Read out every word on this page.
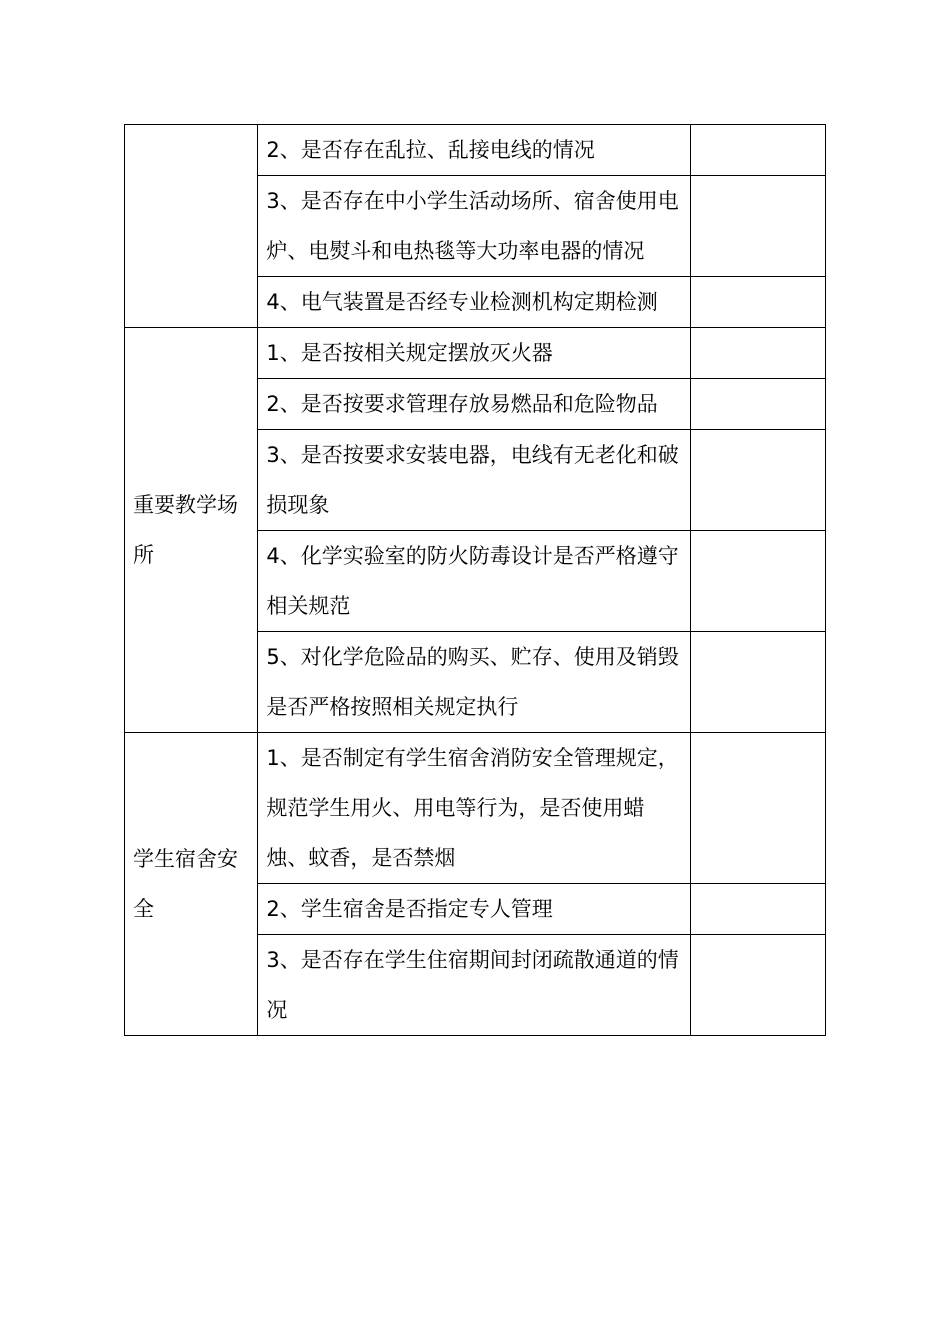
	2、是否存在乱拉、乱接电线的情况	
	3、是否存在中小学生活动场所、宿舍使用电炉、电熨斗和电热毯等大功率电器的情况	
	4、电气装置是否经专业检测机构定期检测	
重要教学场所	1、是否按相关规定摆放灭火器	
	2、是否按要求管理存放易燃品和危险物品	
	3、是否按要求安装电器，电线有无老化和破损现象	
	4、化学实验室的防火防毒设计是否严格遵守相关规范	
	5、对化学危险品的购买、贮存、使用及销毁是否严格按照相关规定执行	
学生宿舍安全	1、是否制定有学生宿舍消防安全管理规定，规范学生用火、用电等行为，是否使用蜡烛、蚊香，是否禁烟	
	2、学生宿舍是否指定专人管理	
	3、是否存在学生住宿期间封闭疏散通道的情况	
